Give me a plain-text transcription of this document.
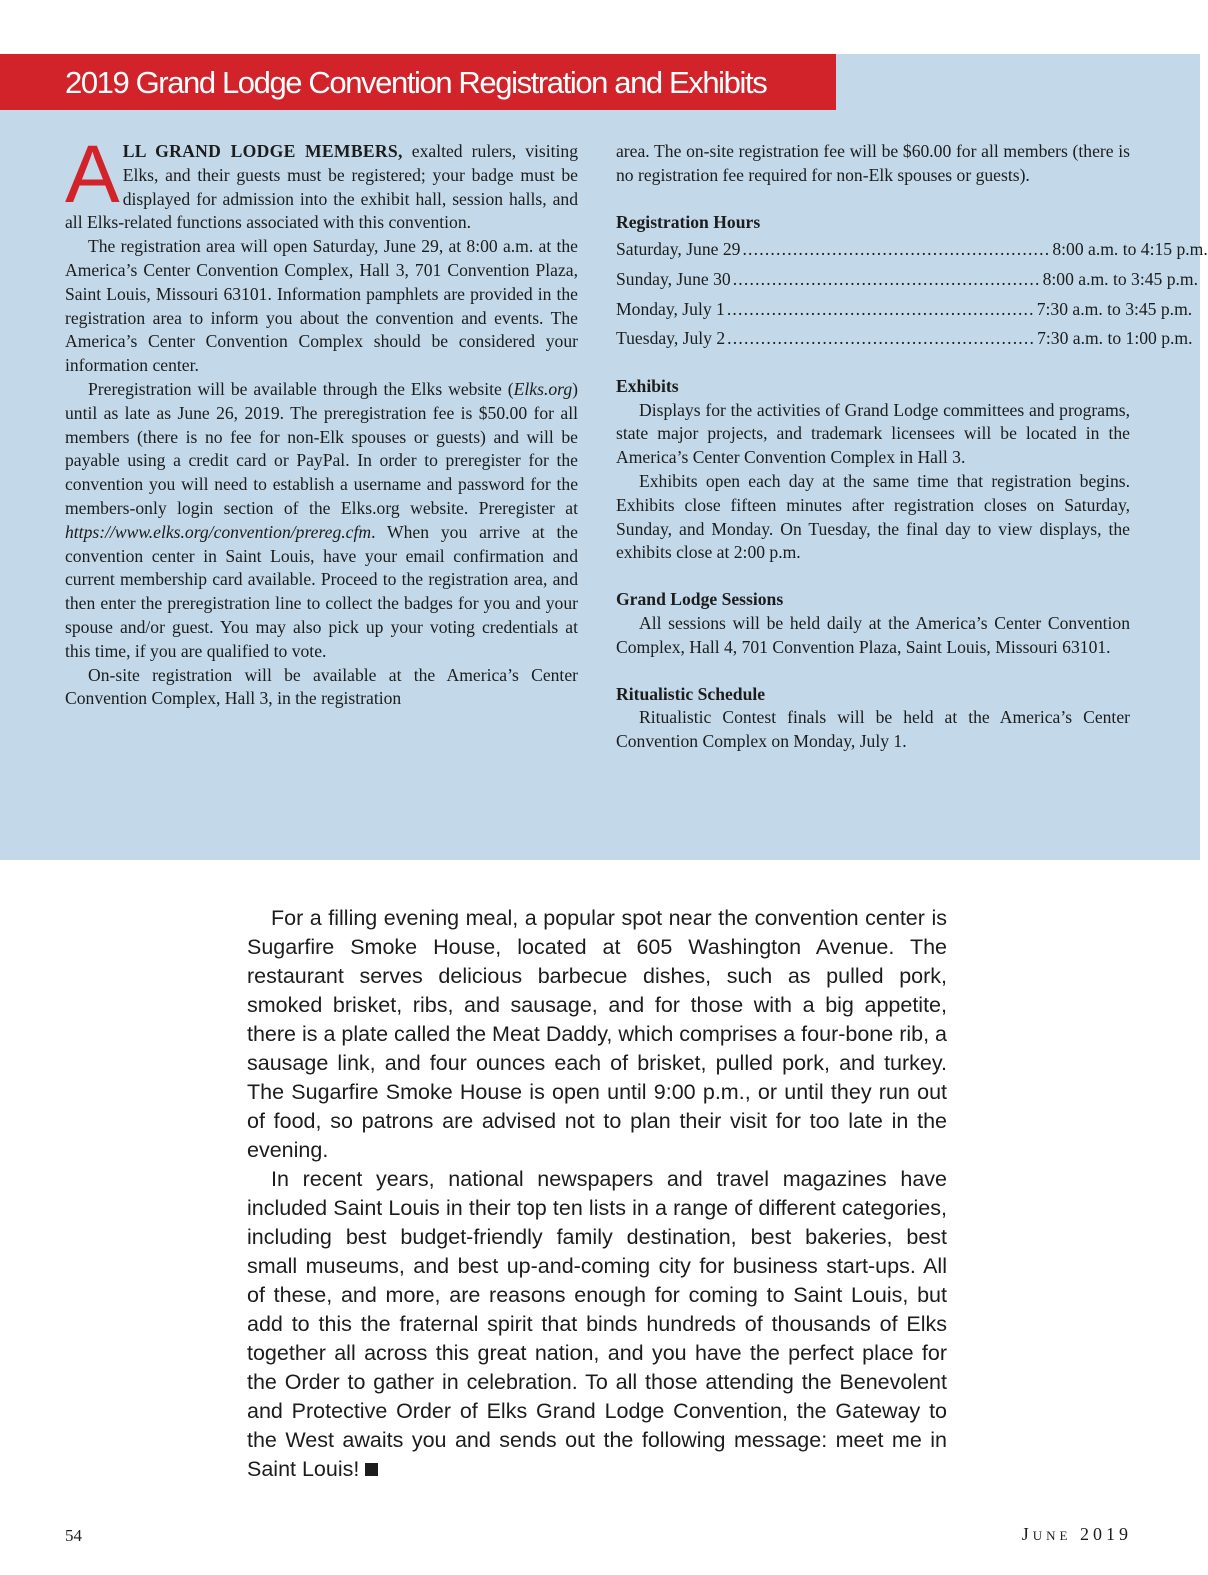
2019 Grand Lodge Convention Registration and Exhibits

ALL GRAND LODGE MEMBERS, exalted rulers, visiting Elks, and their guests must be registered; your badge must be displayed for admission into the exhibit hall, session halls, and all Elks-related functions associated with this convention.

The registration area will open Saturday, June 29, at 8:00 a.m. at the America’s Center Convention Complex, Hall 3, 701 Convention Plaza, Saint Louis, Missouri 63101. Information pamphlets are provided in the registration area to inform you about the convention and events. The America’s Center Convention Complex should be considered your information center.

Preregistration will be available through the Elks website (Elks.org) until as late as June 26, 2019. The preregistration fee is $50.00 for all members (there is no fee for non-Elk spouses or guests) and will be payable using a credit card or PayPal. In order to preregister for the convention you will need to establish a username and password for the members-only login section of the Elks.org website. Preregister at https://www.elks.org/convention/prereg.cfm. When you arrive at the convention center in Saint Louis, have your email confirmation and current membership card available. Proceed to the registration area, and then enter the preregistration line to collect the badges for you and your spouse and/or guest. You may also pick up your voting credentials at this time, if you are qualified to vote.

On-site registration will be available at the America’s Center Convention Complex, Hall 3, in the registration

area. The on-site registration fee will be $60.00 for all members (there is no registration fee required for non-Elk spouses or guests).

Registration Hours
Saturday, June 29 ....................................................... 8:00 a.m. to 4:15 p.m.
Sunday, June 30 ....................................................... 8:00 a.m. to 3:45 p.m.
Monday, July 1 ....................................................... 7:30 a.m. to 3:45 p.m.
Tuesday, July 2 ....................................................... 7:30 a.m. to 1:00 p.m.
Exhibits

Displays for the activities of Grand Lodge committees and programs, state major projects, and trademark licensees will be located in the America’s Center Convention Complex in Hall 3.

Exhibits open each day at the same time that registration begins. Exhibits close fifteen minutes after registration closes on Saturday, Sunday, and Monday. On Tuesday, the final day to view displays, the exhibits close at 2:00 p.m.

Grand Lodge Sessions

All sessions will be held daily at the America’s Center Convention Complex, Hall 4, 701 Convention Plaza, Saint Louis, Missouri 63101.

Ritualistic Schedule

Ritualistic Contest finals will be held at the America’s Center Convention Complex on Monday, July 1.

For a filling evening meal, a popular spot near the convention center is Sugarfire Smoke House, located at 605 Washington Avenue. The restaurant serves delicious barbecue dishes, such as pulled pork, smoked brisket, ribs, and sausage, and for those with a big appetite, there is a plate called the Meat Daddy, which comprises a four-bone rib, a sausage link, and four ounces each of brisket, pulled pork, and turkey. The Sugarfire Smoke House is open until 9:00 p.m., or until they run out of food, so patrons are advised not to plan their visit for too late in the evening.

In recent years, national newspapers and travel magazines have included Saint Louis in their top ten lists in a range of different categories, including best budget-friendly family destination, best bakeries, best small museums, and best up-and-coming city for business start-ups. All of these, and more, are reasons enough for coming to Saint Louis, but add to this the fraternal spirit that binds hundreds of thousands of Elks together all across this great nation, and you have the perfect place for the Order to gather in celebration. To all those attending the Benevolent and Protective Order of Elks Grand Lodge Convention, the Gateway to the West awaits you and sends out the following message: meet me in Saint Louis!

54	June 2019
